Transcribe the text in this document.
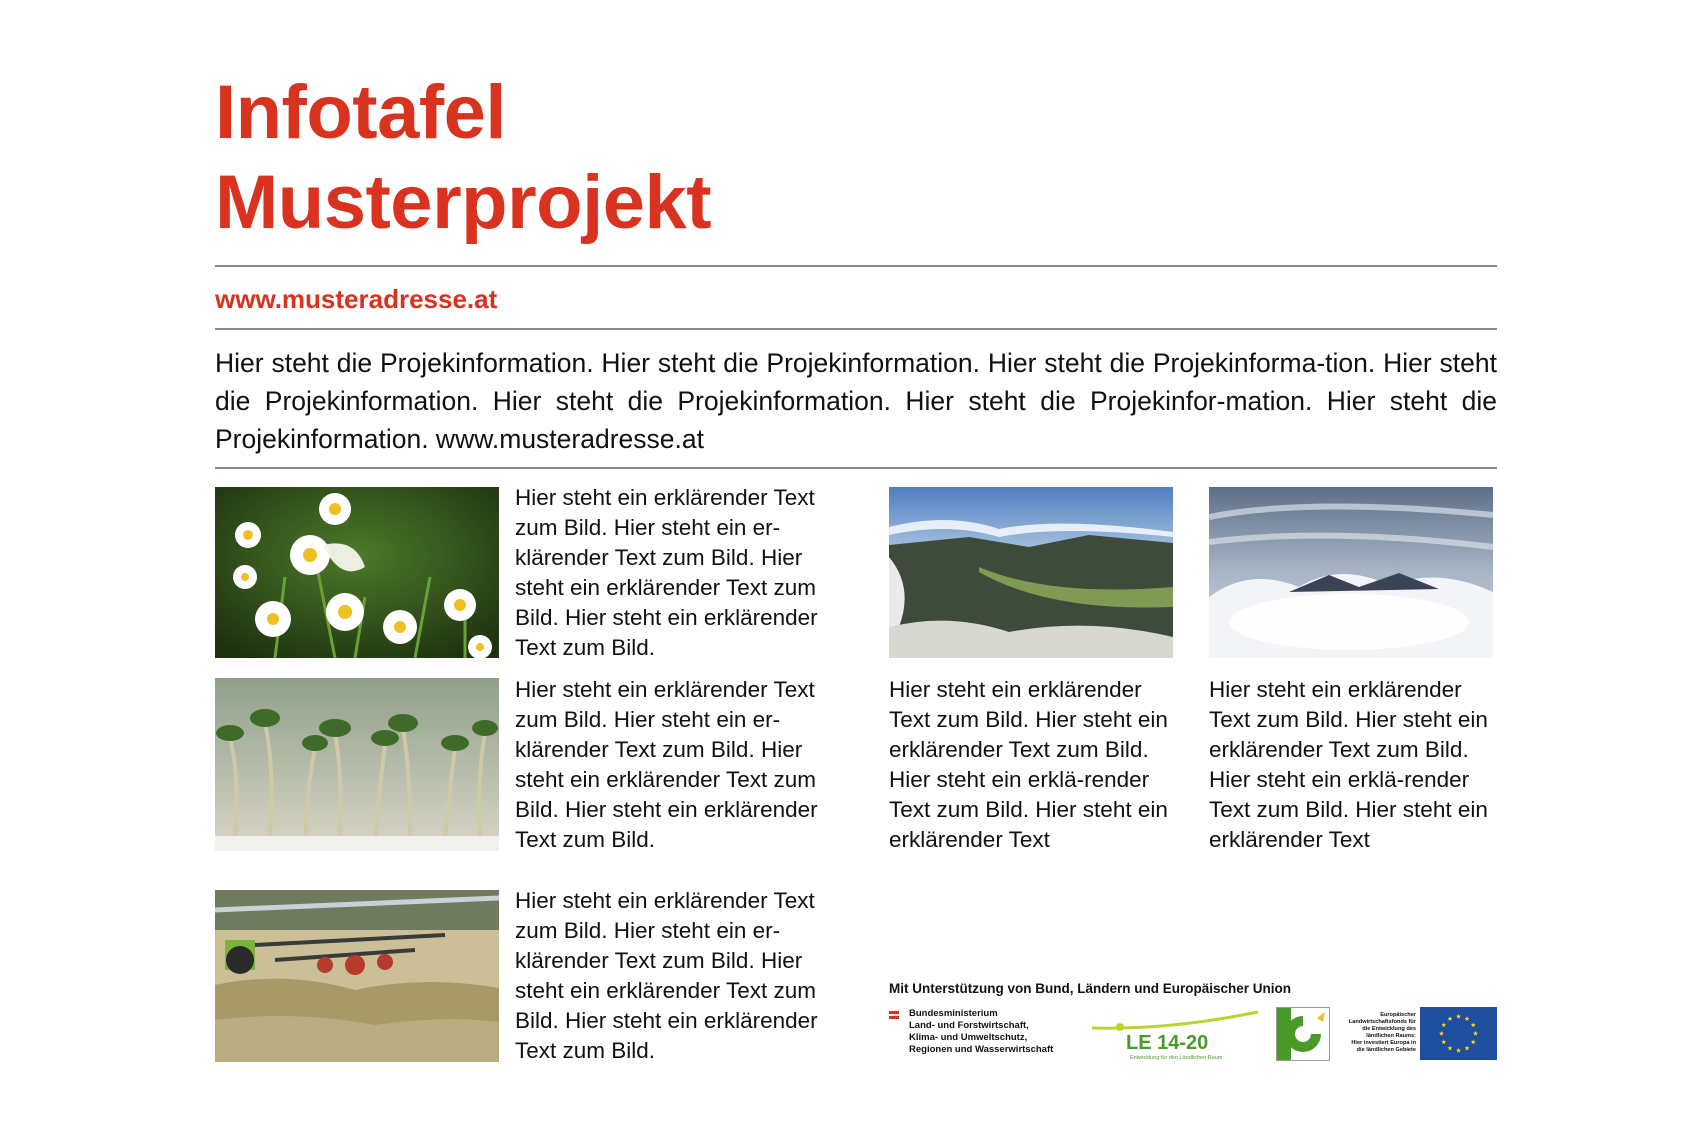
Infotafel
Musterprojekt
www.musteradresse.at

Hier steht die Projekinformation. Hier steht die Projekinformation. Hier steht die Projekinforma-tion. Hier steht die Projekinformation. Hier steht die Projekinformation. Hier steht die Projekinfor-mation. Hier steht die Projekinformation. www.musteradresse.at

Hier steht ein erklärender Text zum Bild. Hier steht ein er-klärender Text zum Bild. Hier steht ein erklärender Text zum Bild. Hier steht ein erklärender Text zum Bild.

Hier steht ein erklärender Text zum Bild. Hier steht ein er-klärender Text zum Bild. Hier steht ein erklärender Text zum Bild. Hier steht ein erklärender Text zum Bild.

Hier steht ein erklärender Text zum Bild. Hier steht ein erklärender Text zum Bild. Hier steht ein erklä-render Text zum Bild. Hier steht ein erklärender Text

Hier steht ein erklärender Text zum Bild. Hier steht ein erklärender Text zum Bild. Hier steht ein erklä-render Text zum Bild. Hier steht ein erklärender Text

Hier steht ein erklärender Text zum Bild. Hier steht ein er-klärender Text zum Bild. Hier steht ein erklärender Text zum Bild. Hier steht ein erklärender Text zum Bild.

Mit Unterstützung von Bund, Ländern und Europäischer Union
Bundesministerium
Land- und Forstwirtschaft,
Klima- und Umweltschutz,
Regionen und Wasserwirtschaft	LE 14-20
Entwicklung für den Ländlichen Raum
Europäischer
Landwirtschaftsfonds für
die Entwicklung des
ländlichen Raums:
Hier investiert Europa in
die ländlichen Gebiete
